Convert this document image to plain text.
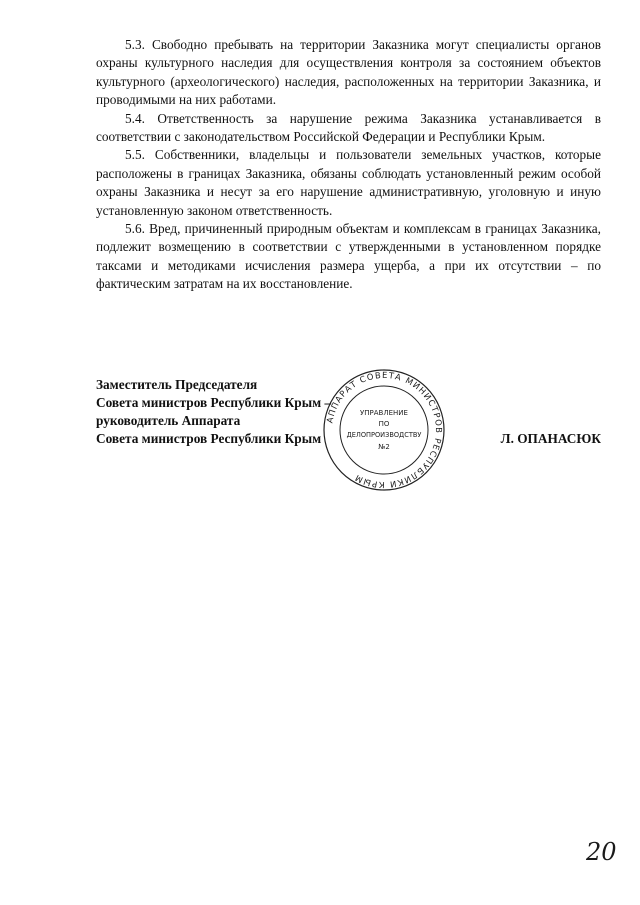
5.3. Свободно пребывать на территории Заказника могут специалисты органов охраны культурного наследия для осуществления контроля за состоянием объектов культурного (археологического) наследия, расположенных на территории Заказника, и проводимыми на них работами.

5.4. Ответственность за нарушение режима Заказника устанавливается в соответствии с законодательством Российской Федерации и Республики Крым.

5.5. Собственники, владельцы и пользователи земельных участков, которые расположены в границах Заказника, обязаны соблюдать установленный режим особой охраны Заказника и несут за его нарушение административную, уголовную и иную установленную законом ответственность.

5.6. Вред, причиненный природным объектам и комплексам в границах Заказника, подлежит возмещению в соответствии с утвержденными в установленном порядке таксами и методиками исчисления размера ущерба, а при их отсутствии – по фактическим затратам на их восстановление.

Заместитель Председателя
Совета министров Республики Крым –
руководитель Аппарата
Совета министров Республики Крым	Л. ОПАНАСЮК
АППАРАТ СОВЕТА МИНИСТРОВ РЕСПУБЛИКИ КРЫМ
УПРАВЛЕНИЕ
ПО
ДЕЛОПРОИЗВОДСТВУ
№2
20
